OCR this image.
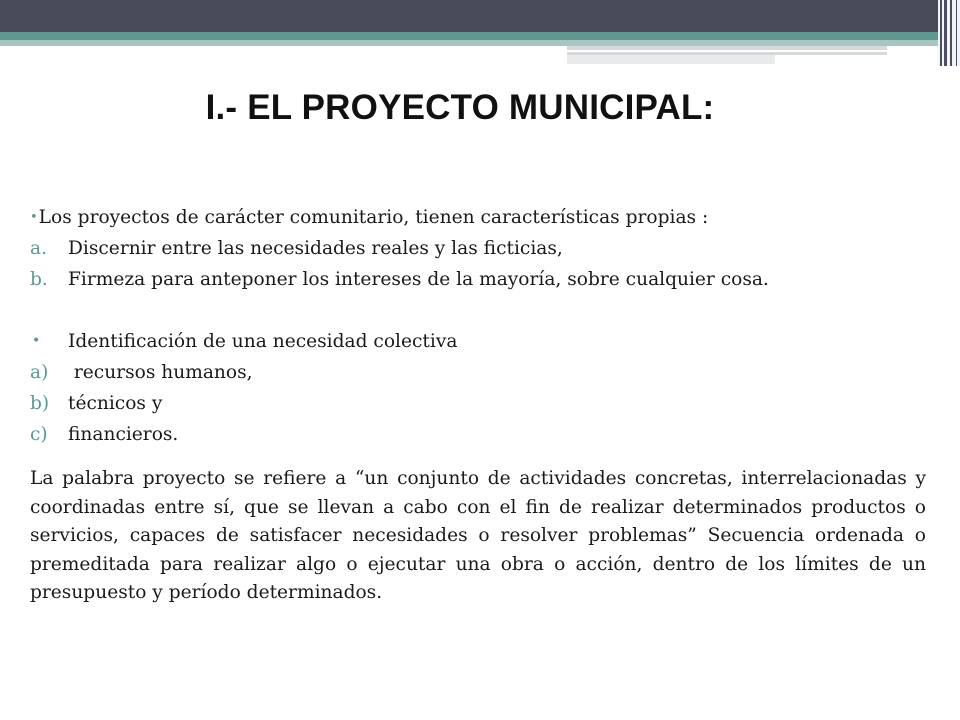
I.- EL PROYECTO MUNICIPAL:
•Los proyectos de carácter comunitario, tienen características propias :
a. Discernir entre las necesidades reales y las ficticias,
b. Firmeza para anteponer los intereses de la mayoría, sobre cualquier cosa.
• Identificación de una necesidad colectiva
a) recursos humanos,
b) técnicos y
c) financieros.
La palabra proyecto se refiere a “un conjunto de actividades concretas, interrelacionadas y coordinadas entre sí, que se llevan a cabo con el fin de realizar determinados productos o servicios, capaces de satisfacer necesidades o resolver problemas” Secuencia ordenada o premeditada para realizar algo o ejecutar una obra o acción, dentro de los límites de un presupuesto y período determinados.
